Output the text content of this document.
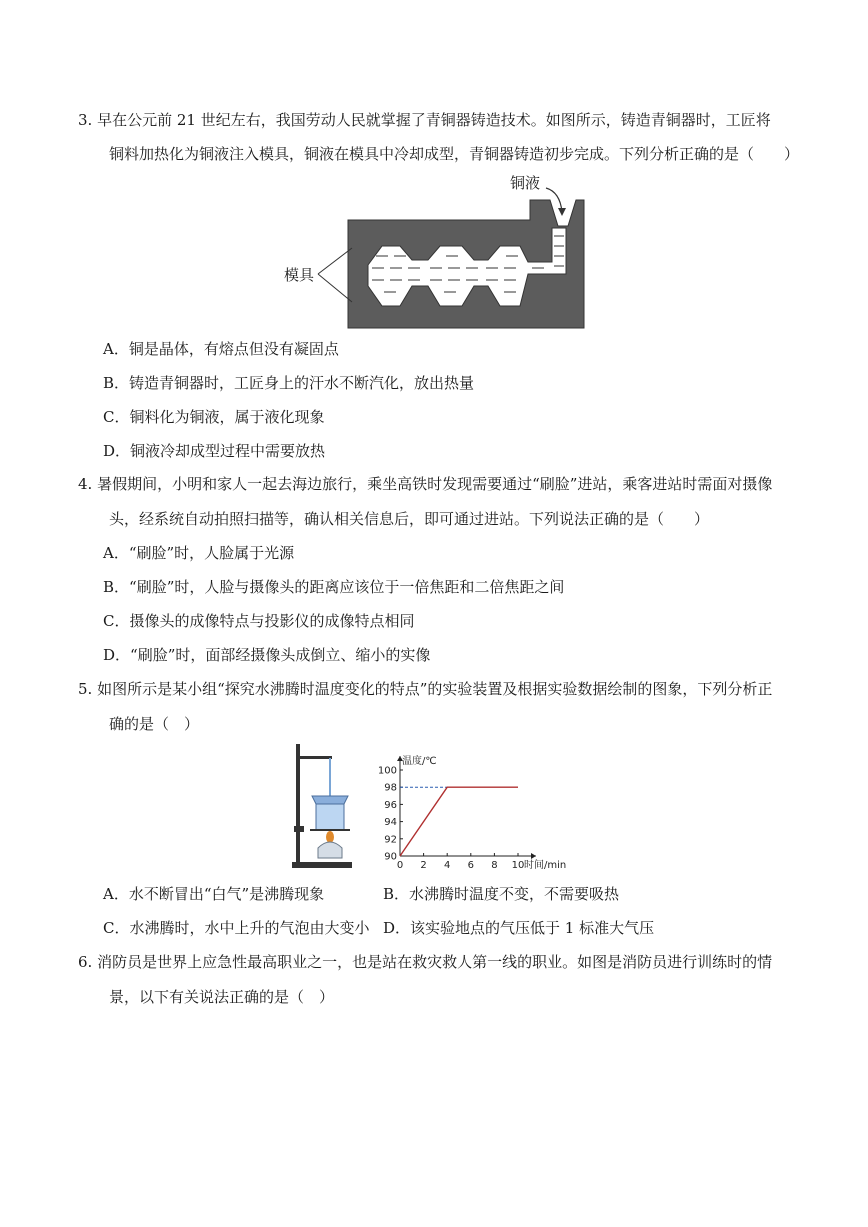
3. 早在公元前 21 世纪左右，我国劳动人民就掌握了青铜器铸造技术。如图所示，铸造青铜器时，工匠将
铜料加热化为铜液注入模具，铜液在模具中冷却成型，青铜器铸造初步完成。下列分析正确的是（　　）
模具
铜液
A．铜是晶体，有熔点但没有凝固点
B．铸造青铜器时，工匠身上的汗水不断汽化，放出热量
C．铜料化为铜液，属于液化现象
D．铜液冷却成型过程中需要放热
4. 暑假期间，小明和家人一起去海边旅行，乘坐高铁时发现需要通过“刷脸”进站，乘客进站时需面对摄像
头，经系统自动拍照扫描等，确认相关信息后，即可通过进站。下列说法正确的是（　　）
A．“刷脸”时，人脸属于光源
B．“刷脸”时，人脸与摄像头的距离应该位于一倍焦距和二倍焦距之间
C．摄像头的成像特点与投影仪的成像特点相同
D．“刷脸”时，面部经摄像头成倒立、缩小的实像
5. 如图所示是某小组“探究水沸腾时温度变化的特点”的实验装置及根据实验数据绘制的图象，下列分析正
确的是（　）
0 2 4 6 8 10
90
92
94
96
98
100
时间/min
温度/℃
A．水不断冒出“白气”是沸腾现象	B．水沸腾时温度不变，不需要吸热
C．水沸腾时，水中上升的气泡由大变小 D．该实验地点的气压低于 1 标准大气压
6. 消防员是世界上应急性最高职业之一，也是站在救灾救人第一线的职业。如图是消防员进行训练时的情
景，以下有关说法正确的是（　）
